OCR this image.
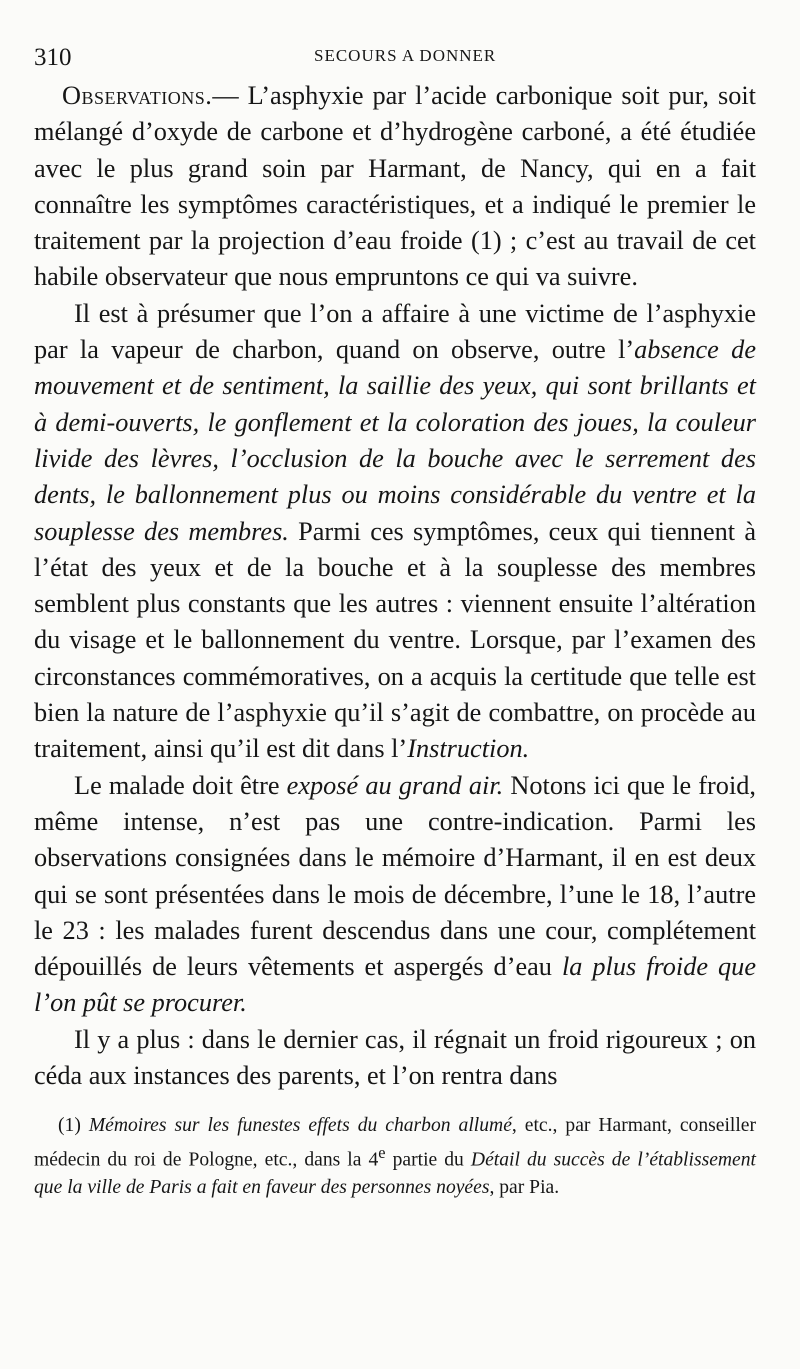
310	SECOURS A DONNER

Observations.— L’asphyxie par l’acide carbonique soit pur, soit mélangé d’oxyde de carbone et d’hydrogène carboné, a été étudiée avec le plus grand soin par Harmant, de Nancy, qui en a fait connaître les symptômes caractéristiques, et a indiqué le premier le traitement par la projection d’eau froide (1) ; c’est au travail de cet habile observateur que nous empruntons ce qui va suivre.

Il est à présumer que l’on a affaire à une victime de l’asphyxie par la vapeur de charbon, quand on observe, outre l’absence de mouvement et de sentiment, la saillie des yeux, qui sont brillants et à demi-ouverts, le gonflement et la coloration des joues, la couleur livide des lèvres, l’occlusion de la bouche avec le serrement des dents, le ballonnement plus ou moins considérable du ventre et la souplesse des membres. Parmi ces symptômes, ceux qui tiennent à l’état des yeux et de la bouche et à la souplesse des membres semblent plus constants que les autres : viennent ensuite l’altération du visage et le ballonnement du ventre. Lorsque, par l’examen des circonstances commémoratives, on a acquis la certitude que telle est bien la nature de l’asphyxie qu’il s’agit de combattre, on procède au traitement, ainsi qu’il est dit dans l’Instruction.

Le malade doit être exposé au grand air. Notons ici que le froid, même intense, n’est pas une contre-indication. Parmi les observations consignées dans le mémoire d’Harmant, il en est deux qui se sont présentées dans le mois de décembre, l’une le 18, l’autre le 23 : les malades furent descendus dans une cour, complétement dépouillés de leurs vêtements et aspergés d’eau la plus froide que l’on pût se procurer.

Il y a plus : dans le dernier cas, il régnait un froid rigoureux ; on céda aux instances des parents, et l’on rentra dans

(1) Mémoires sur les funestes effets du charbon allumé, etc., par Harmant, conseiller médecin du roi de Pologne, etc., dans la 4e partie du Détail du succès de l’établissement que la ville de Paris a fait en faveur des personnes noyées, par Pia.
